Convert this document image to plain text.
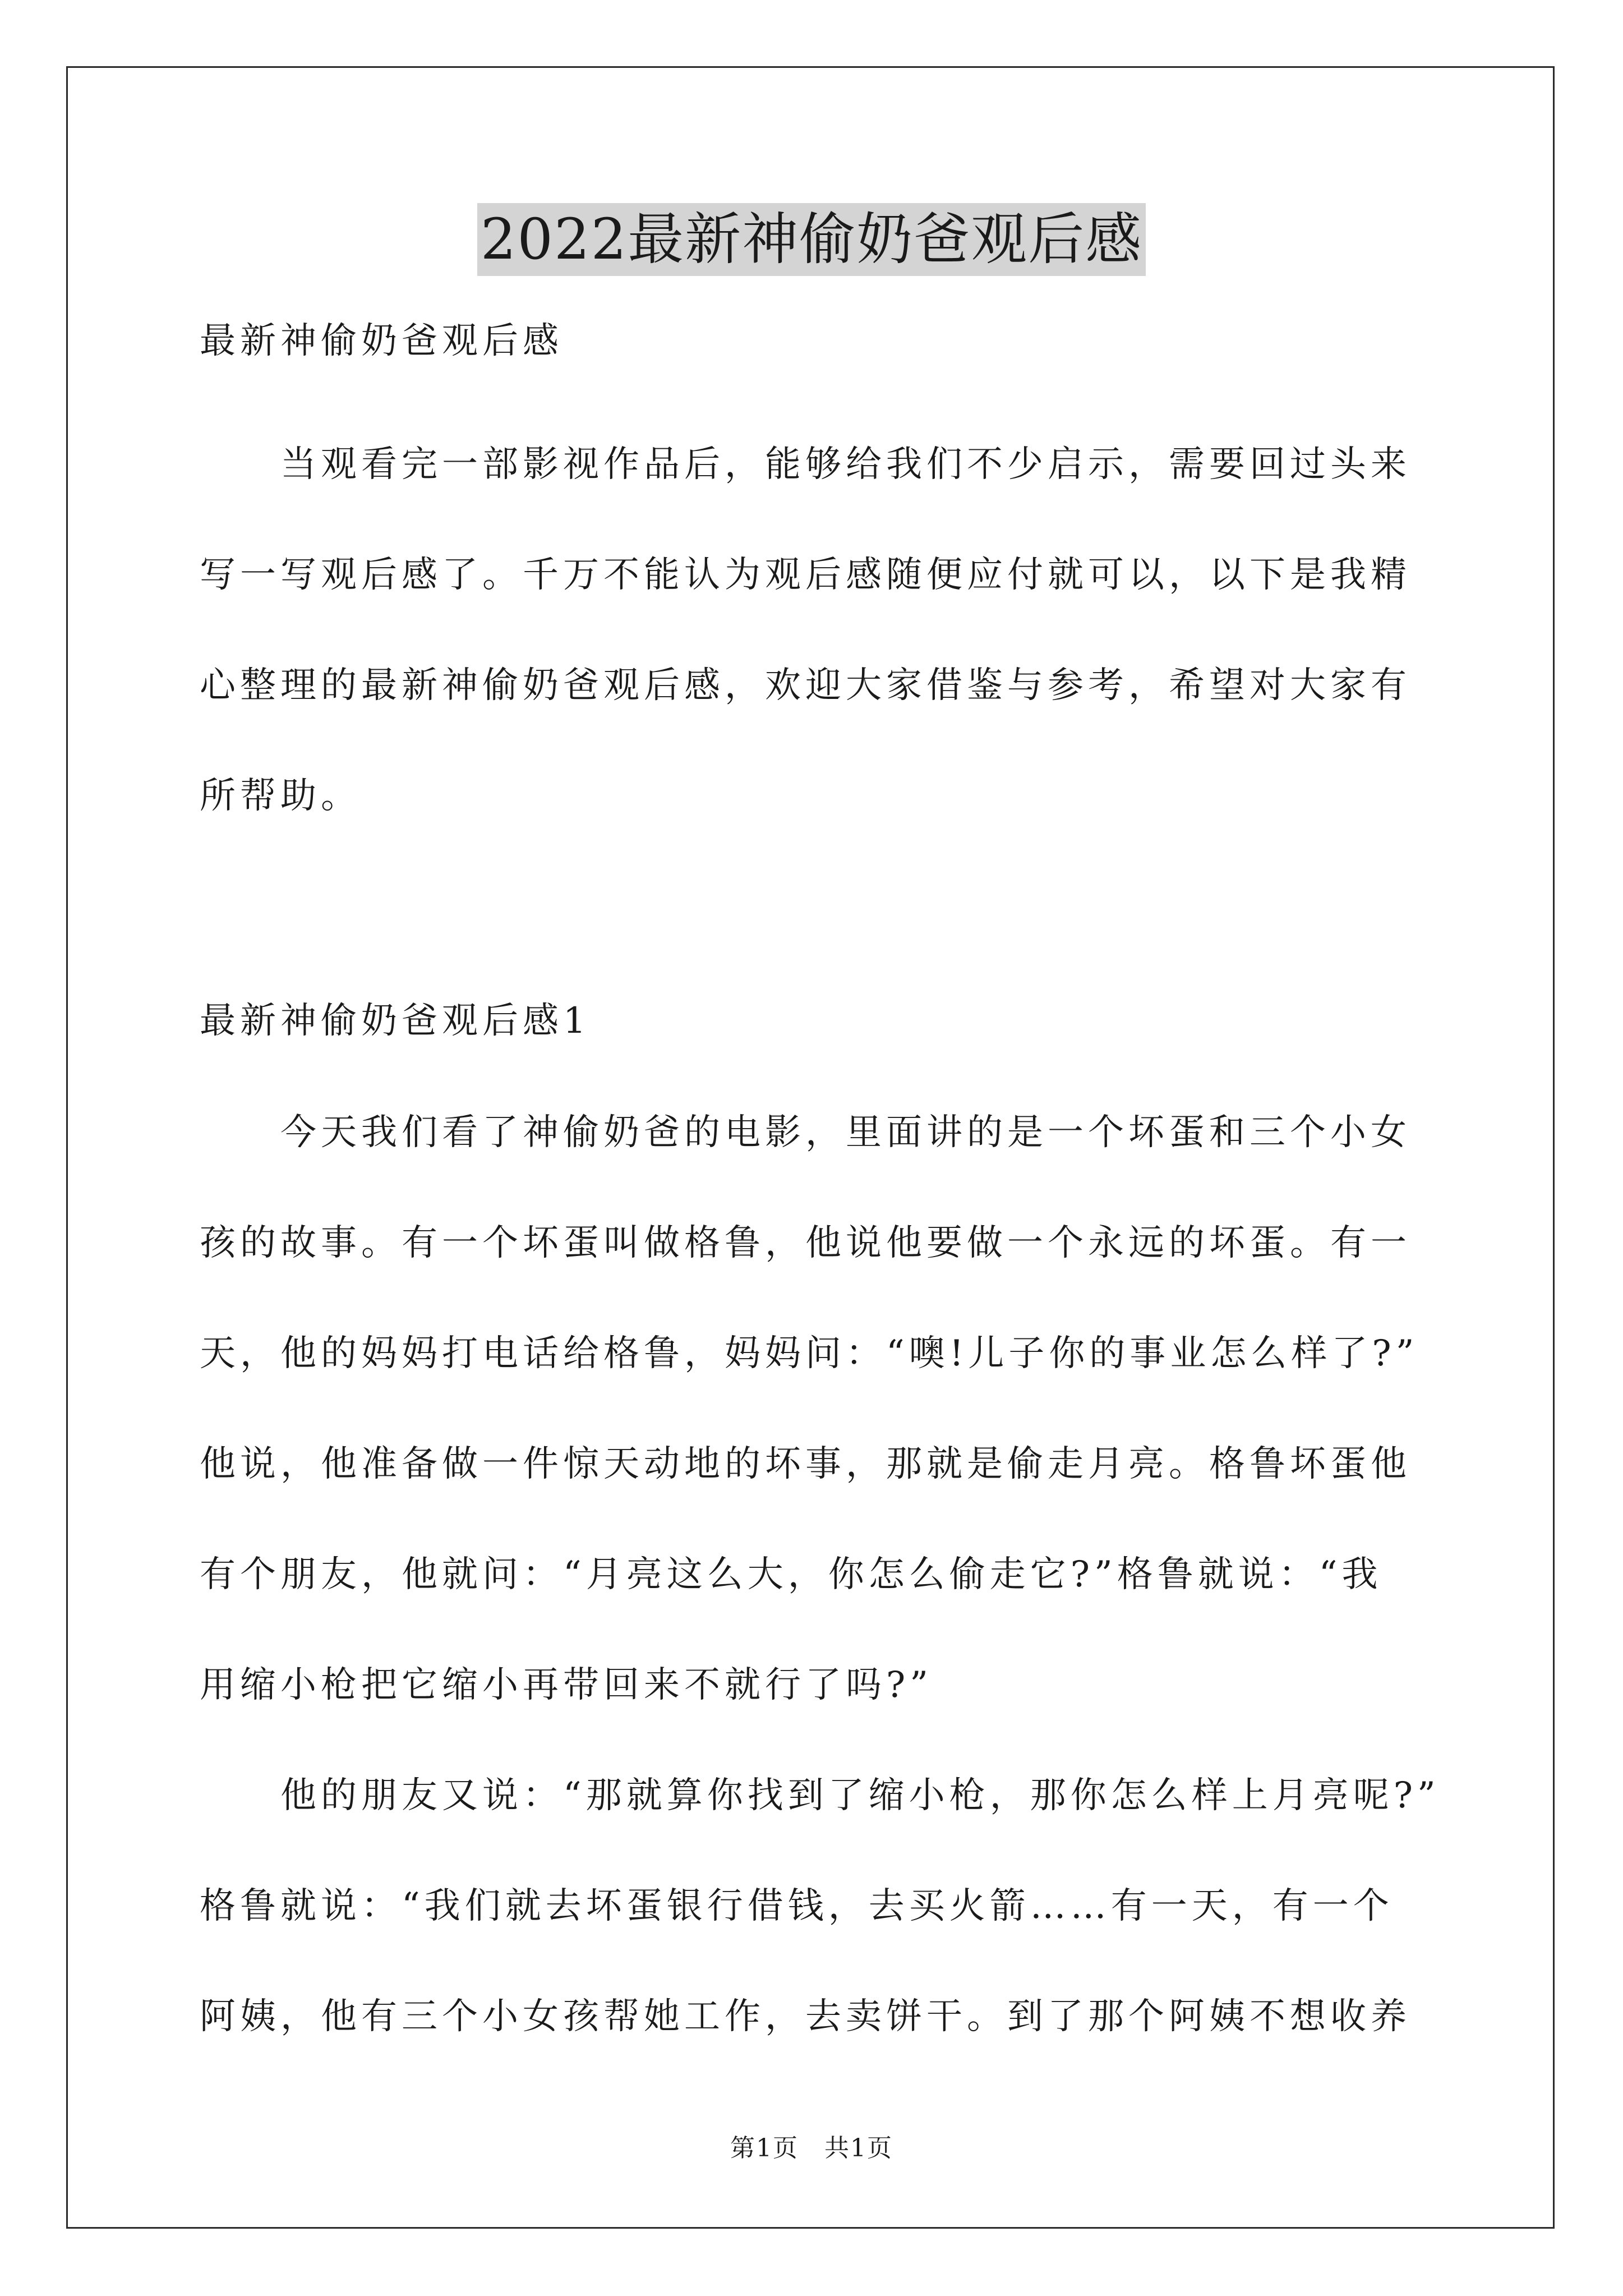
2022最新神偷奶爸观后感
最新神偷奶爸观后感
当观看完一部影视作品后，能够给我们不少启示，需要回过头来
写一写观后感了。千万不能认为观后感随便应付就可以，以下是我精
心整理的最新神偷奶爸观后感，欢迎大家借鉴与参考，希望对大家有
所帮助。
最新神偷奶爸观后感1
今天我们看了神偷奶爸的电影，里面讲的是一个坏蛋和三个小女
孩的故事。有一个坏蛋叫做格鲁，他说他要做一个永远的坏蛋。有一
天，他的妈妈打电话给格鲁，妈妈问：“噢!儿子你的事业怎么样了?”
他说，他准备做一件惊天动地的坏事，那就是偷走月亮。格鲁坏蛋他
有个朋友，他就问：“月亮这么大，你怎么偷走它?”格鲁就说：“我
用缩小枪把它缩小再带回来不就行了吗?”
他的朋友又说：“那就算你找到了缩小枪，那你怎么样上月亮呢?”
格鲁就说：“我们就去坏蛋银行借钱，去买火箭……有一天，有一个
阿姨，他有三个小女孩帮她工作，去卖饼干。到了那个阿姨不想收养
第1页　共1页
